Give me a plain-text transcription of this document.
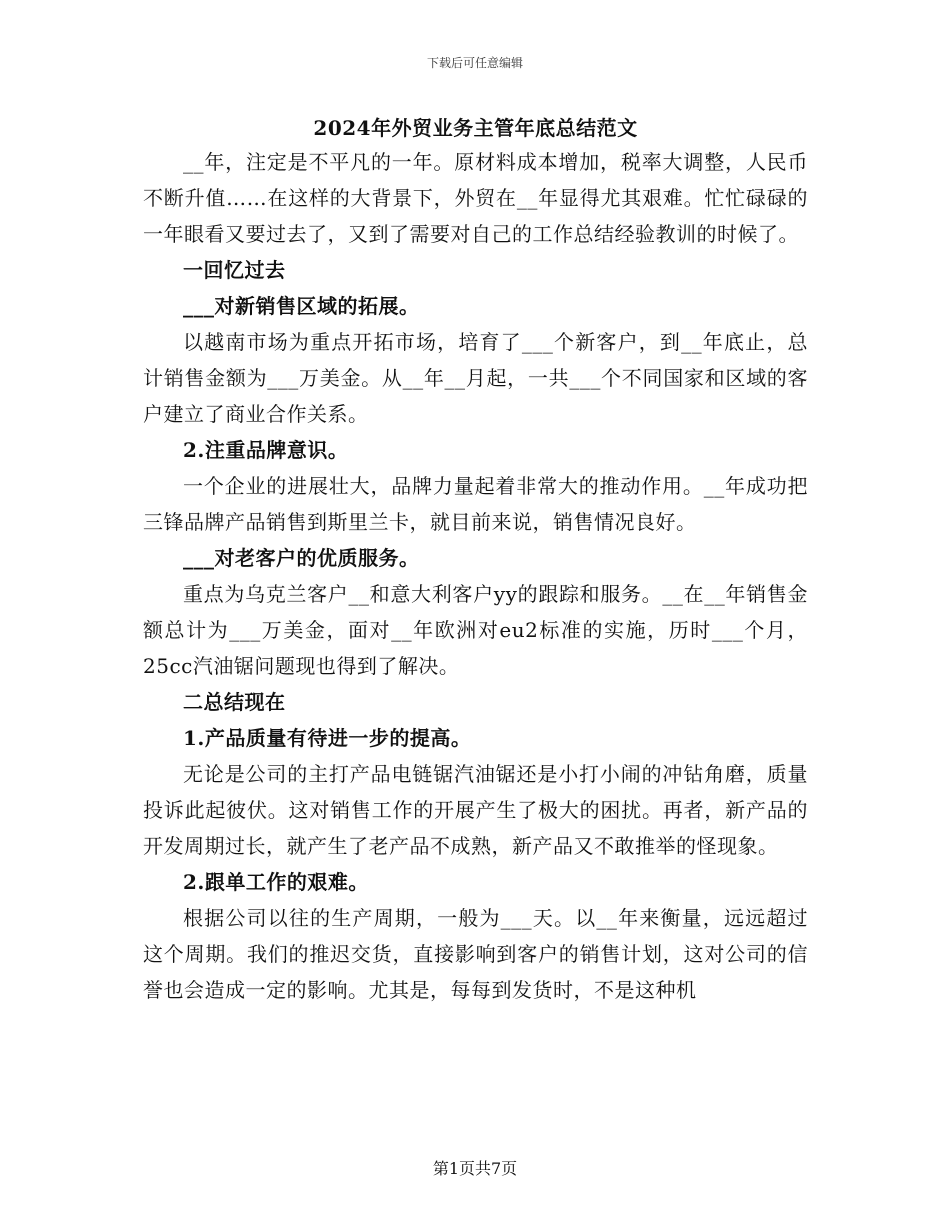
下载后可任意编辑
2024年外贸业务主管年底总结范文

__年，注定是不平凡的一年。原材料成本增加，税率大调整，人民币不断升值……在这样的大背景下，外贸在__年显得尤其艰难。忙忙碌碌的一年眼看又要过去了，又到了需要对自己的工作总结经验教训的时候了。

一回忆过去

___对新销售区域的拓展。

以越南市场为重点开拓市场，培育了___个新客户，到__年底止，总计销售金额为___万美金。从__年__月起，一共___个不同国家和区域的客户建立了商业合作关系。

2.注重品牌意识。

一个企业的进展壮大，品牌力量起着非常大的推动作用。__年成功把三锋品牌产品销售到斯里兰卡，就目前来说，销售情况良好。

___对老客户的优质服务。

重点为乌克兰客户__和意大利客户yy的跟踪和服务。__在__年销售金额总计为___万美金，面对__年欧洲对eu2标准的实施，历时___个月，25cc汽油锯问题现也得到了解决。

二总结现在

1.产品质量有待进一步的提高。

无论是公司的主打产品电链锯汽油锯还是小打小闹的冲钻角磨，质量投诉此起彼伏。这对销售工作的开展产生了极大的困扰。再者，新产品的开发周期过长，就产生了老产品不成熟，新产品又不敢推举的怪现象。

2.跟单工作的艰难。

根据公司以往的生产周期，一般为___天。以__年来衡量，远远超过这个周期。我们的推迟交货，直接影响到客户的销售计划，这对公司的信誉也会造成一定的影响。尤其是，每每到发货时，不是这种机

第1页共7页
